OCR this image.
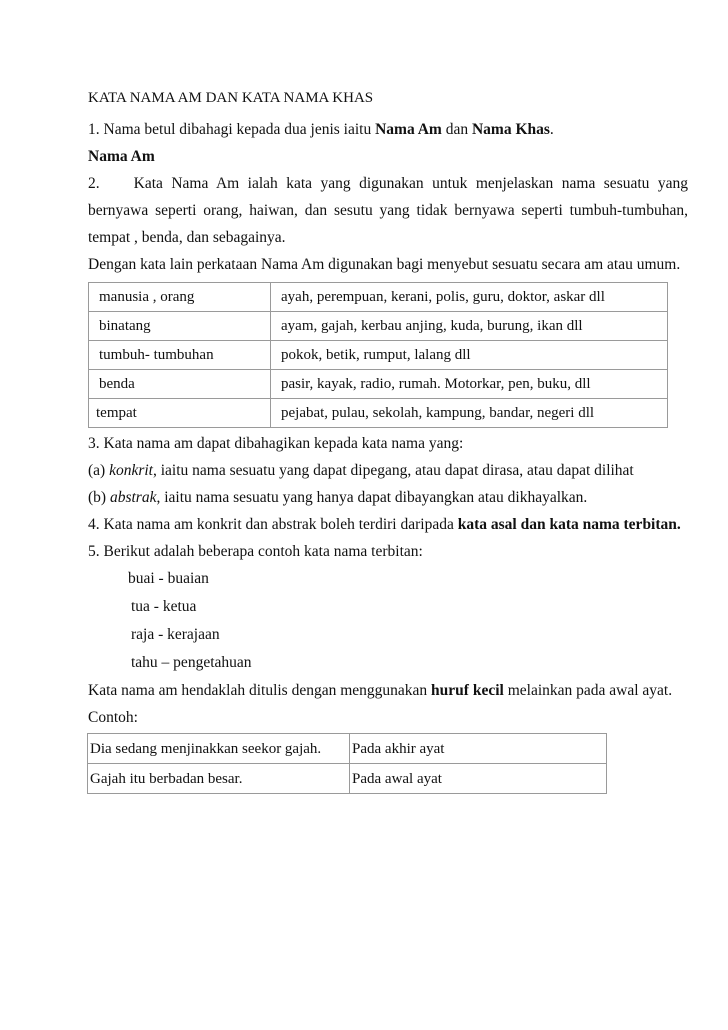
KATA NAMA AM DAN KATA NAMA KHAS

1. Nama betul dibahagi kepada dua jenis iaitu Nama Am dan Nama Khas.

Nama Am

2. Kata Nama Am ialah kata yang digunakan untuk menjelaskan nama sesuatu yang bernyawa seperti orang, haiwan, dan sesutu yang tidak bernyawa seperti tumbuh-tumbuhan, tempat , benda, dan sebagainya.

Dengan kata lain perkataan Nama Am digunakan bagi menyebut sesuatu secara am atau umum.

manusia , orang	ayah, perempuan, kerani, polis, guru, doktor, askar dll
binatang	ayam, gajah, kerbau anjing, kuda, burung, ikan dll
tumbuh- tumbuhan	pokok, betik, rumput, lalang dll
benda	pasir, kayak, radio, rumah. Motorkar, pen, buku, dll
tempat	pejabat, pulau, sekolah, kampung, bandar, negeri dll

3. Kata nama am dapat dibahagikan kepada kata nama yang:

(a) konkrit, iaitu nama sesuatu yang dapat dipegang, atau dapat dirasa, atau dapat dilihat

(b) abstrak, iaitu nama sesuatu yang hanya dapat dibayangkan atau dikhayalkan.

4. Kata nama am konkrit dan abstrak boleh terdiri daripada kata asal dan kata nama terbitan.

5. Berikut adalah beberapa contoh kata nama terbitan:

buai - buaian

tua - ketua

raja - kerajaan

tahu – pengetahuan

Kata nama am hendaklah ditulis dengan menggunakan huruf kecil melainkan pada awal ayat.

Contoh:

Dia sedang menjinakkan seekor gajah.	Pada akhir ayat
Gajah itu berbadan besar.	Pada awal ayat
